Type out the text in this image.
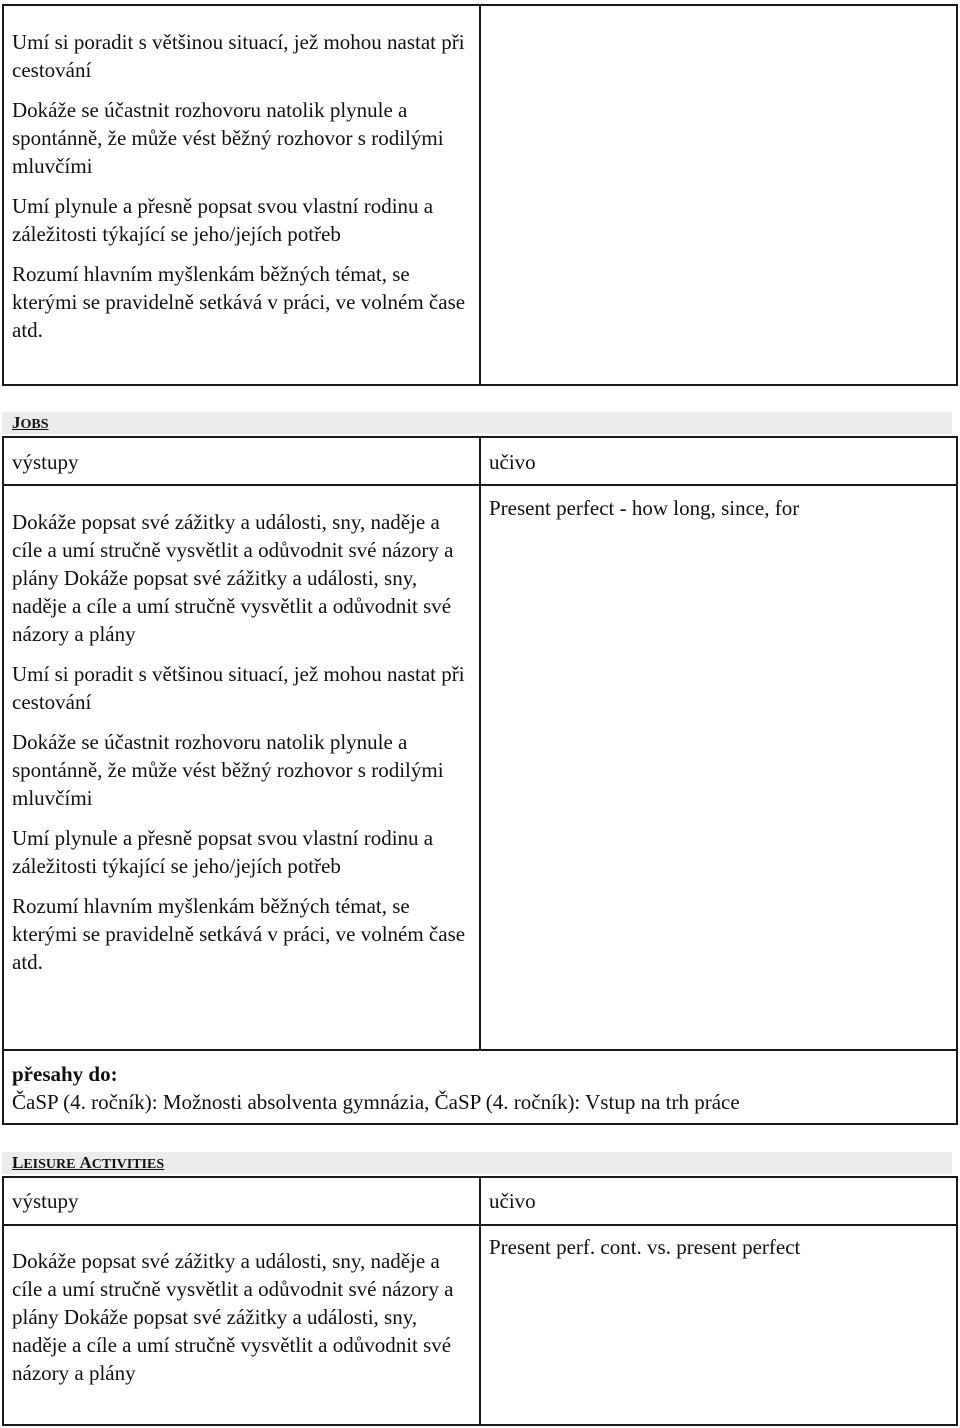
Umí si poradit s většinou situací, jež mohou nastat při cestování
Dokáže se účastnit rozhovoru natolik plynule a spontánně, že může vést běžný rozhovor s rodilými mluvčími
Umí plynule a přesně popsat svou vlastní rodinu a záležitosti týkající se jeho/jejích potřeb
Rozumí hlavním myšlenkám běžných témat, se kterými se pravidelně setkává v práci, ve volném čase atd.
JOBS
výstupy	učivo
Dokáže popsat své zážitky a události, sny, naděje a cíle a umí stručně vysvětlit a odůvodnit své názory a plány Dokáže popsat své zážitky a události, sny, naděje a cíle a umí stručně vysvětlit a odůvodnit své názory a plány
Umí si poradit s většinou situací, jež mohou nastat při cestování
Dokáže se účastnit rozhovoru natolik plynule a spontánně, že může vést běžný rozhovor s rodilými mluvčími
Umí plynule a přesně popsat svou vlastní rodinu a záležitosti týkající se jeho/jejích potřeb
Rozumí hlavním myšlenkám běžných témat, se kterými se pravidelně setkává v práci, ve volném čase atd.
Present perfect - how long, since, for
přesahy do:
ČaSP (4. ročník): Možnosti absolventa gymnázia, ČaSP (4. ročník): Vstup na trh práce
LEISURE ACTIVITIES
výstupy	učivo
Dokáže popsat své zážitky a události, sny, naděje a cíle a umí stručně vysvětlit a odůvodnit své názory a plány Dokáže popsat své zážitky a události, sny, naděje a cíle a umí stručně vysvětlit a odůvodnit své názory a plány
Present perf. cont. vs. present perfect
